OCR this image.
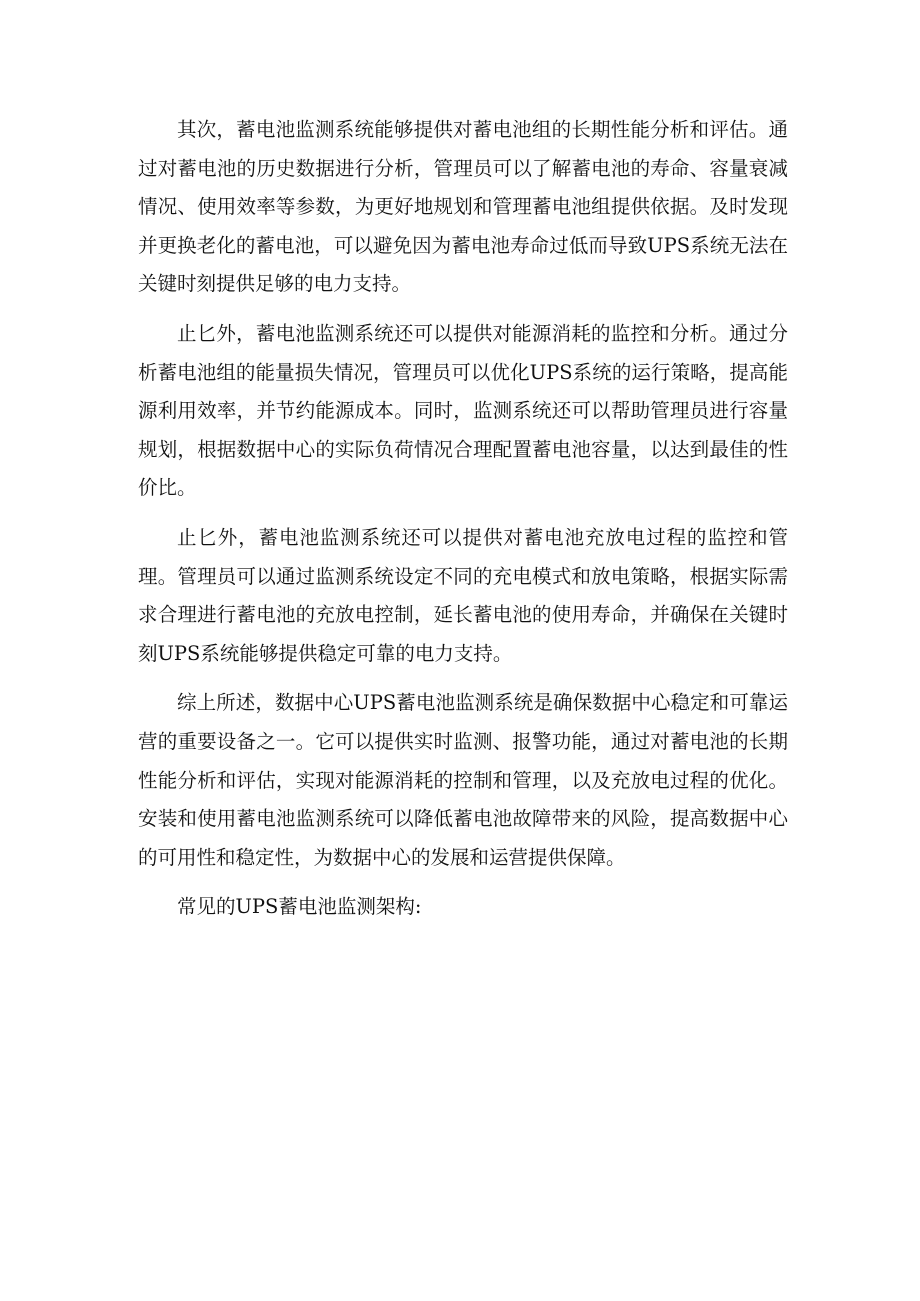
其次，蓄电池监测系统能够提供对蓄电池组的长期性能分析和评估。通过对蓄电池的历史数据进行分析，管理员可以了解蓄电池的寿命、容量衰减情况、使用效率等参数，为更好地规划和管理蓄电池组提供依据。及时发现并更换老化的蓄电池，可以避免因为蓄电池寿命过低而导致UPS系统无法在关键时刻提供足够的电力支持。

止匕外，蓄电池监测系统还可以提供对能源消耗的监控和分析。通过分析蓄电池组的能量损失情况，管理员可以优化UPS系统的运行策略，提高能源利用效率，并节约能源成本。同时，监测系统还可以帮助管理员进行容量规划，根据数据中心的实际负荷情况合理配置蓄电池容量，以达到最佳的性价比。

止匕外，蓄电池监测系统还可以提供对蓄电池充放电过程的监控和管理。管理员可以通过监测系统设定不同的充电模式和放电策略，根据实际需求合理进行蓄电池的充放电控制，延长蓄电池的使用寿命，并确保在关键时刻UPS系统能够提供稳定可靠的电力支持。

综上所述，数据中心UPS蓄电池监测系统是确保数据中心稳定和可靠运营的重要设备之一。它可以提供实时监测、报警功能，通过对蓄电池的长期性能分析和评估，实现对能源消耗的控制和管理，以及充放电过程的优化。安装和使用蓄电池监测系统可以降低蓄电池故障带来的风险，提高数据中心的可用性和稳定性，为数据中心的发展和运营提供保障。

常见的UPS蓄电池监测架构:
